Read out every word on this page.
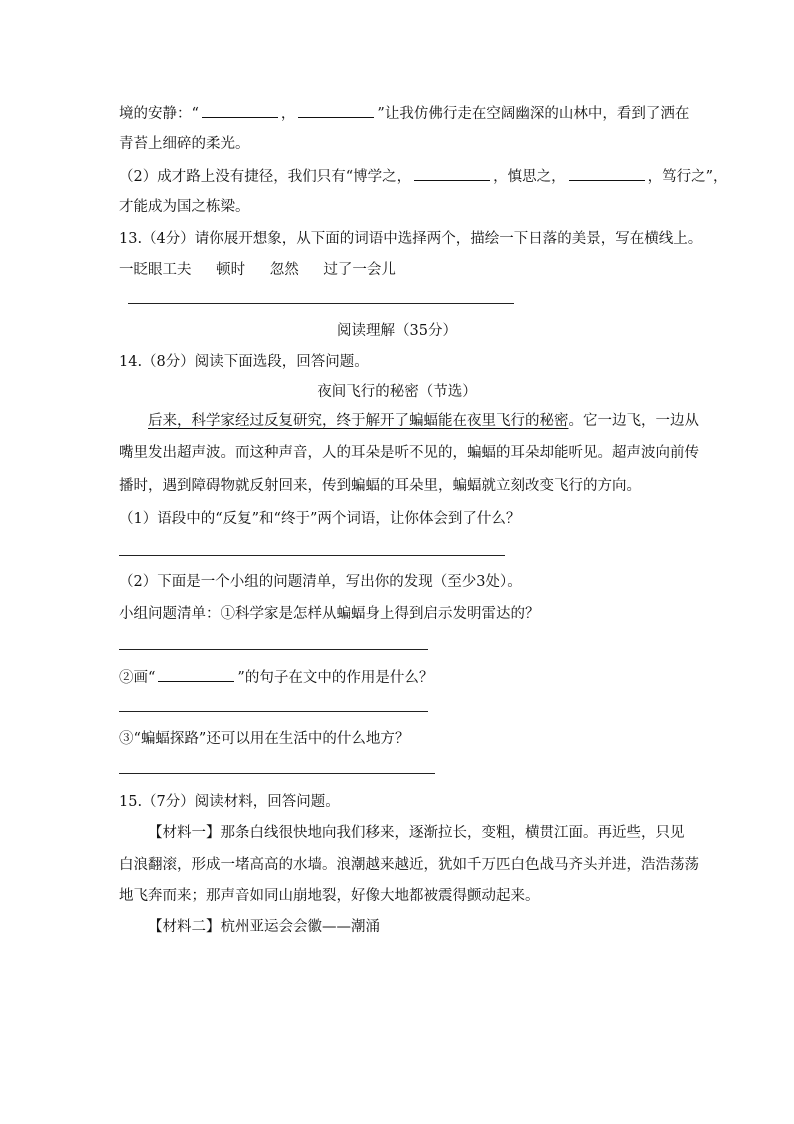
境的安静：“	，	”让我仿佛行走在空阔幽深的山林中，看到了洒在
青苔上细碎的柔光。
（2）成才路上没有捷径，我们只有“博学之，	，慎思之，	，笃行之”，
才能成为国之栋梁。
13.（4分）请你展开想象，从下面的词语中选择两个，描绘一下日落的美景，写在横线上。
一眨眼工夫 顿时 忽然 过了一会儿
阅读理解（35分）
14.（8分）阅读下面选段，回答问题。
夜间飞行的秘密（节选）
后来，科学家经过反复研究，终于解开了蝙蝠能在夜里飞行的秘密。它一边飞，一边从
嘴里发出超声波。而这种声音，人的耳朵是听不见的，蝙蝠的耳朵却能听见。超声波向前传
播时，遇到障碍物就反射回来，传到蝙蝠的耳朵里，蝙蝠就立刻改变飞行的方向。
（1）语段中的“反复”和“终于”两个词语，让你体会到了什么？
（2）下面是一个小组的问题清单，写出你的发现（至少3处）。
小组问题清单：①科学家是怎样从蝙蝠身上得到启示发明雷达的？
②画“	”的句子在文中的作用是什么？
③“蝙蝠探路”还可以用在生活中的什么地方？
15.（7分）阅读材料，回答问题。
【材料一】那条白线很快地向我们移来，逐渐拉长，变粗，横贯江面。再近些，只见
白浪翻滚，形成一堵高高的水墙。浪潮越来越近，犹如千万匹白色战马齐头并进，浩浩荡荡
地飞奔而来；那声音如同山崩地裂，好像大地都被震得颤动起来。
【材料二】杭州亚运会会徽——潮涌
